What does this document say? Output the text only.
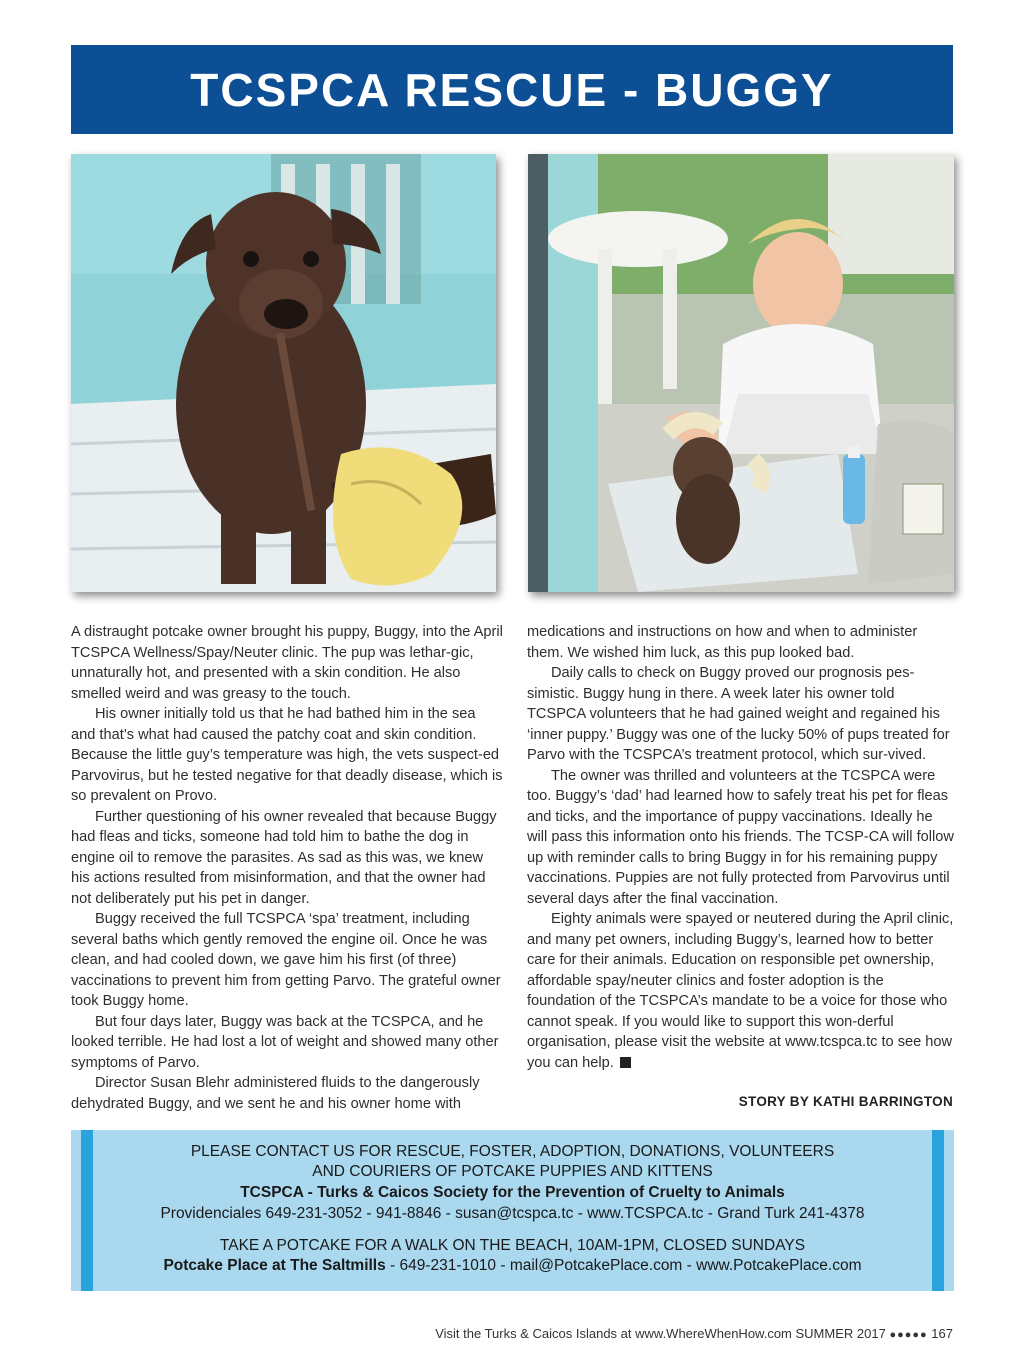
TCSPCA RESCUE - BUGGY

A distraught potcake owner brought his puppy, Buggy, into the April TCSPCA Wellness/Spay/Neuter clinic. The pup was lethar-gic, unnaturally hot, and presented with a skin condition. He also smelled weird and was greasy to the touch.

His owner initially told us that he had bathed him in the sea and that’s what had caused the patchy coat and skin condition. Because the little guy’s temperature was high, the vets suspect-ed Parvovirus, but he tested negative for that deadly disease, which is so prevalent on Provo.

Further questioning of his owner revealed that because Buggy had fleas and ticks, someone had told him to bathe the dog in engine oil to remove the parasites. As sad as this was, we knew his actions resulted from misinformation, and that the owner had not deliberately put his pet in danger.

Buggy received the full TCSPCA ‘spa’ treatment, including several baths which gently removed the engine oil. Once he was clean, and had cooled down, we gave him his first (of three) vaccinations to prevent him from getting Parvo. The grateful owner took Buggy home.

But four days later, Buggy was back at the TCSPCA, and he looked terrible. He had lost a lot of weight and showed many other symptoms of Parvo.

Director Susan Blehr administered fluids to the dangerously dehydrated Buggy, and we sent he and his owner home with

medications and instructions on how and when to administer them. We wished him luck, as this pup looked bad.

Daily calls to check on Buggy proved our prognosis pes-simistic. Buggy hung in there. A week later his owner told TCSPCA volunteers that he had gained weight and regained his ‘inner puppy.’ Buggy was one of the lucky 50% of pups treated for Parvo with the TCSPCA’s treatment protocol, which sur-vived.

The owner was thrilled and volunteers at the TCSPCA were too. Buggy’s ‘dad’ had learned how to safely treat his pet for fleas and ticks, and the importance of puppy vaccinations. Ideally he will pass this information onto his friends. The TCSP-CA will follow up with reminder calls to bring Buggy in for his remaining puppy vaccinations. Puppies are not fully protected from Parvovirus until several days after the final vaccination.

Eighty animals were spayed or neutered during the April clinic, and many pet owners, including Buggy’s, learned how to better care for their animals. Education on responsible pet ownership, affordable spay/neuter clinics and foster adoption is the foundation of the TCSPCA’s mandate to be a voice for those who cannot speak. If you would like to support this won-derful organisation, please visit the website at www.tcspca.tc to see how you can help.

STORY BY KATHI BARRINGTON

PLEASE CONTACT US FOR RESCUE, FOSTER, ADOPTION, DONATIONS, VOLUNTEERS

AND COURIERS OF POTCAKE PUPPIES AND KITTENS

TCSPCA - Turks & Caicos Society for the Prevention of Cruelty to Animals

Providenciales 649-231-3052 - 941-8846 - susan@tcspca.tc - www.TCSPCA.tc - Grand Turk 241-4378

TAKE A POTCAKE FOR A WALK ON THE BEACH, 10AM-1PM, CLOSED SUNDAYS

Potcake Place at The Saltmills - 649-231-1010 - mail@PotcakePlace.com - www.PotcakePlace.com

Visit the Turks & Caicos Islands at www.WhereWhenHow.com SUMMER 2017 ●●●●● 167
